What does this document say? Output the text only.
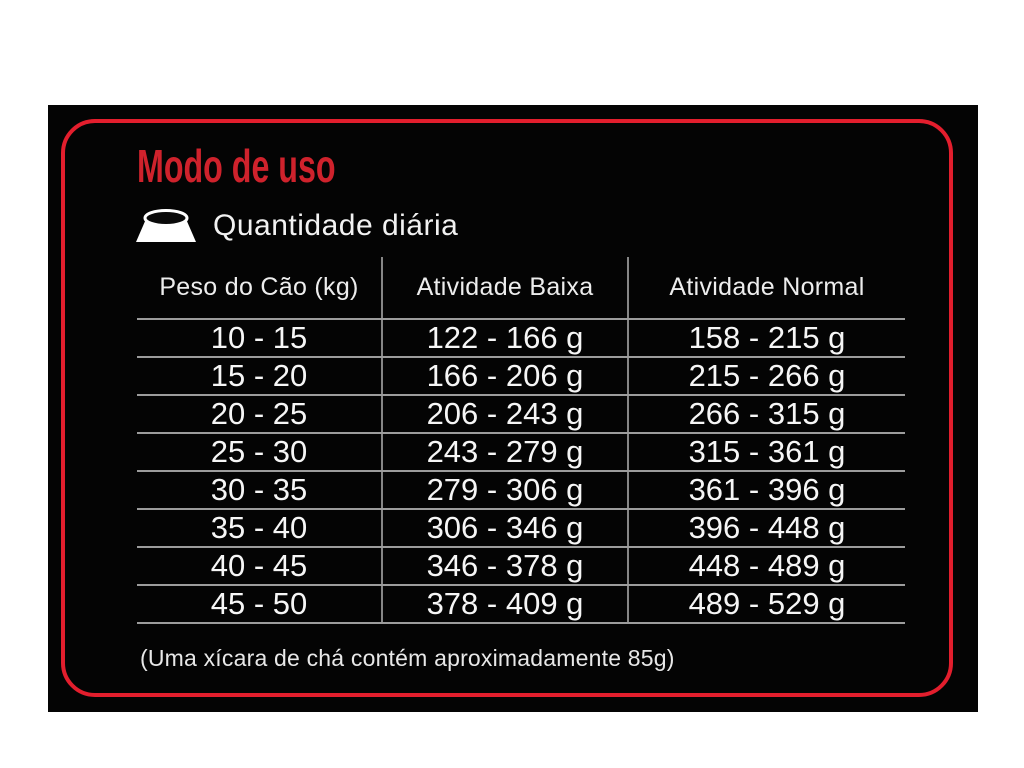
Modo de uso
Quantidade diária
Peso do Cão (kg)	Atividade Baixa	Atividade Normal
10 - 15	122 - 166 g	158 - 215 g
15 - 20	166 - 206 g	215 - 266 g
20 - 25	206 - 243 g	266 - 315 g
25 - 30	243 - 279 g	315 - 361 g
30 - 35	279 - 306 g	361 - 396 g
35 - 40	306 - 346 g	396 - 448 g
40 - 45	346 - 378 g	448 - 489 g
45 - 50	378 - 409 g	489 - 529 g
(Uma xícara de chá contém aproximadamente 85g)
